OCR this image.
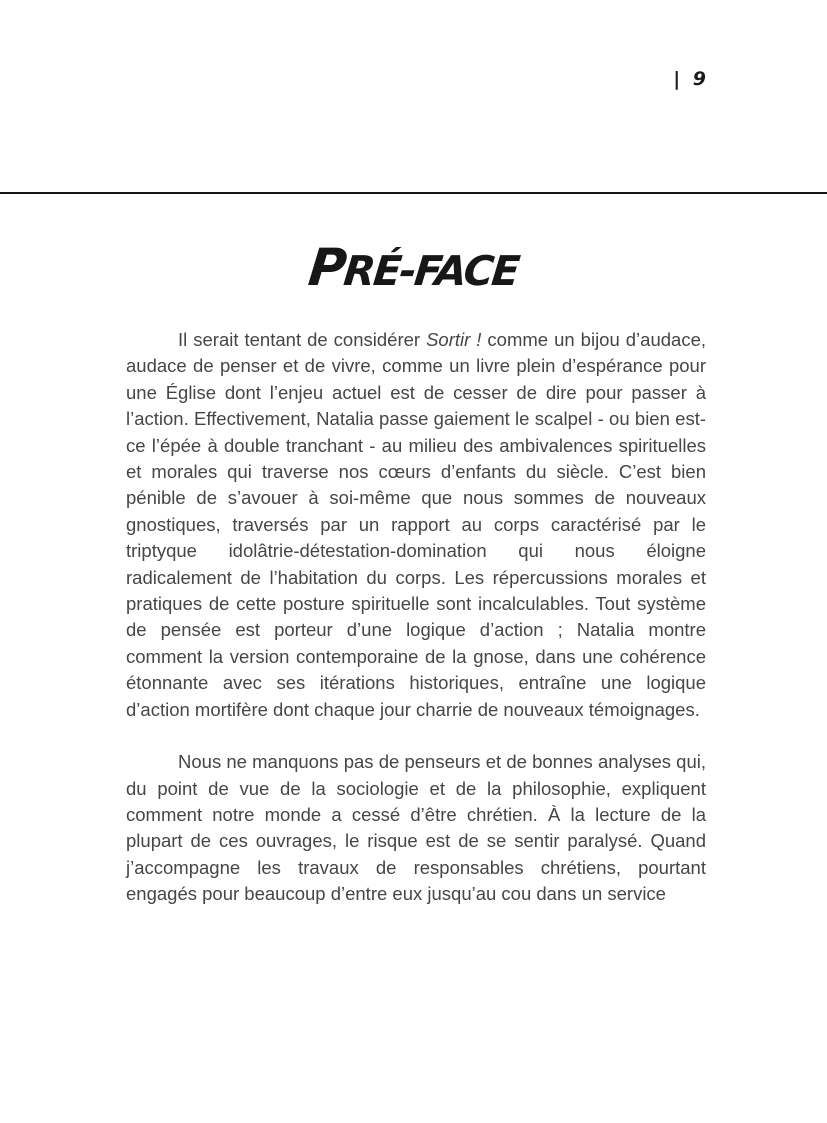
| 9
PRÉ-FACE

Il serait tentant de considérer Sortir ! comme un bijou d’audace, audace de penser et de vivre, comme un livre plein d’espérance pour une Église dont l’enjeu actuel est de cesser de dire pour passer à l’action. Effectivement, Natalia passe gaiement le scalpel - ou bien est-ce l’épée à double tranchant - au milieu des ambivalences spirituelles et morales qui traverse nos cœurs d’enfants du siècle. C’est bien pénible de s’avouer à soi-même que nous sommes de nouveaux gnostiques, traversés par un rapport au corps caractérisé par le triptyque idolâtrie-détestation-domination qui nous éloigne radicalement de l’habitation du corps. Les répercussions morales et pratiques de cette posture spirituelle sont incalculables. Tout système de pensée est porteur d’une logique d’action ; Natalia montre comment la version contemporaine de la gnose, dans une cohérence étonnante avec ses itérations historiques, entraîne une logique d’action mortifère dont chaque jour charrie de nouveaux témoignages.

Nous ne manquons pas de penseurs et de bonnes analyses qui, du point de vue de la sociologie et de la philosophie, expliquent comment notre monde a cessé d’être chrétien. À la lecture de la plupart de ces ouvrages, le risque est de se sentir paralysé. Quand j’accompagne les travaux de responsables chrétiens, pourtant engagés pour beaucoup d’entre eux jusqu’au cou dans un service
